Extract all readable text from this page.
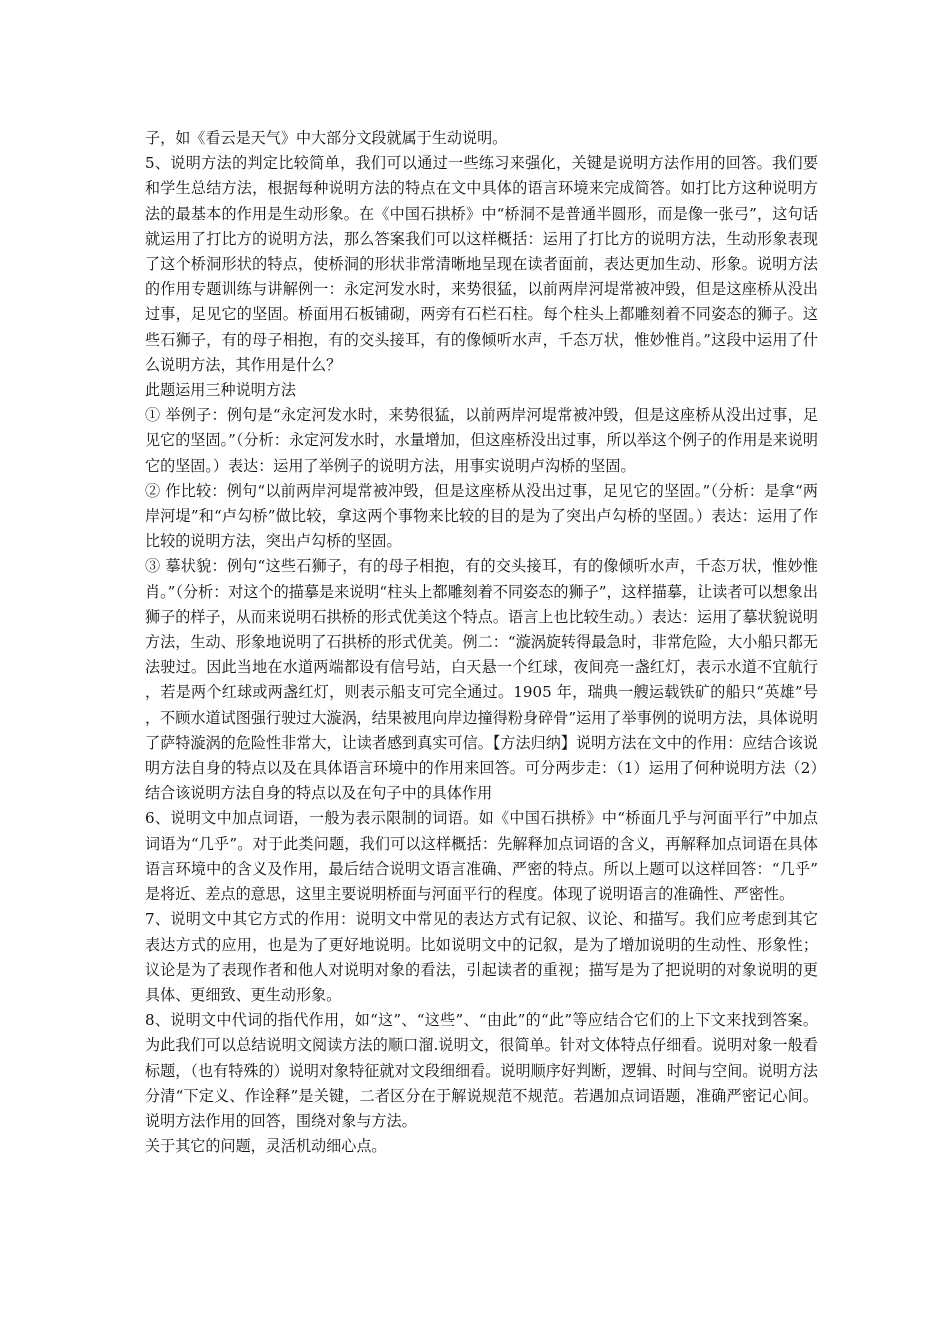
子，如《看云是天气》中大部分文段就属于生动说明。

5、说明方法的判定比较简单，我们可以通过一些练习来强化，关键是说明方法作用的回答。我们要和学生总结方法，根据每种说明方法的特点在文中具体的语言环境来完成简答。如打比方这种说明方法的最基本的作用是生动形象。在《中国石拱桥》中“桥洞不是普通半圆形，而是像一张弓”，这句话就运用了打比方的说明方法，那么答案我们可以这样概括：运用了打比方的说明方法，生动形象表现了这个桥洞形状的特点，使桥洞的形状非常清晰地呈现在读者面前，表达更加生动、形象。说明方法的作用专题训练与讲解例一：永定河发水时，来势很猛，以前两岸河堤常被冲毁，但是这座桥从没出过事，足见它的坚固。桥面用石板铺砌，两旁有石栏石柱。每个柱头上都雕刻着不同姿态的狮子。这些石狮子，有的母子相抱，有的交头接耳，有的像倾听水声，千态万状，惟妙惟肖。”这段中运用了什么说明方法，其作用是什么？

此题运用三种说明方法

① 举例子：例句是“永定河发水时，来势很猛，以前两岸河堤常被冲毁，但是这座桥从没出过事，足见它的坚固。”（分析：永定河发水时，水量增加，但这座桥没出过事，所以举这个例子的作用是来说明它的坚固。）表达：运用了举例子的说明方法，用事实说明卢沟桥的坚固。

② 作比较：例句“以前两岸河堤常被冲毁，但是这座桥从没出过事，足见它的坚固。”（分析：是拿“两岸河堤”和“卢勾桥”做比较，拿这两个事物来比较的目的是为了突出卢勾桥的坚固。）表达：运用了作比较的说明方法，突出卢勾桥的坚固。

③ 摹状貌：例句“这些石狮子，有的母子相抱，有的交头接耳，有的像倾听水声，千态万状，惟妙惟肖。”（分析：对这个的描摹是来说明“柱头上都雕刻着不同姿态的狮子”，这样描摹，让读者可以想象出狮子的样子，从而来说明石拱桥的形式优美这个特点。语言上也比较生动。）表达：运用了摹状貌说明方法，生动、形象地说明了石拱桥的形式优美。例二：“漩涡旋转得最急时，非常危险，大小船只都无法驶过。因此当地在水道两端都设有信号站，白天悬一个红球，夜间亮一盏红灯，表示水道不宜航行，若是两个红球或两盏红灯，则表示船支可完全通过。1905 年，瑞典一艘运载铁矿的船只“英雄”号，不顾水道试图强行驶过大漩涡，结果被甩向岸边撞得粉身碎骨”运用了举事例的说明方法，具体说明了萨特漩涡的危险性非常大，让读者感到真实可信。【方法归纳】说明方法在文中的作用：应结合该说明方法自身的特点以及在具体语言环境中的作用来回答。可分两步走：（1）运用了何种说明方法（2）结合该说明方法自身的特点以及在句子中的具体作用

6、说明文中加点词语，一般为表示限制的词语。如《中国石拱桥》中“桥面几乎与河面平行”中加点词语为“几乎”。对于此类问题，我们可以这样概括：先解释加点词语的含义，再解释加点词语在具体语言环境中的含义及作用，最后结合说明文语言准确、严密的特点。所以上题可以这样回答：“几乎”是将近、差点的意思，这里主要说明桥面与河面平行的程度。体现了说明语言的准确性、严密性。

7、说明文中其它方式的作用：说明文中常见的表达方式有记叙、议论、和描写。我们应考虑到其它表达方式的应用，也是为了更好地说明。比如说明文中的记叙，是为了增加说明的生动性、形象性；议论是为了表现作者和他人对说明对象的看法，引起读者的重视；描写是为了把说明的对象说明的更具体、更细致、更生动形象。

8、说明文中代词的指代作用，如“这”、“这些”、“由此”的“此”等应结合它们的上下文来找到答案。为此我们可以总结说明文阅读方法的顺口溜.说明文，很简单。针对文体特点仔细看。说明对象一般看标题，（也有特殊的）说明对象特征就对文段细细看。说明顺序好判断，逻辑、时间与空间。说明方法分清“下定义、作诠释”是关键，二者区分在于解说规范不规范。若遇加点词语题，准确严密记心间。说明方法作用的回答，围绕对象与方法。

关于其它的问题，灵活机动细心点。
